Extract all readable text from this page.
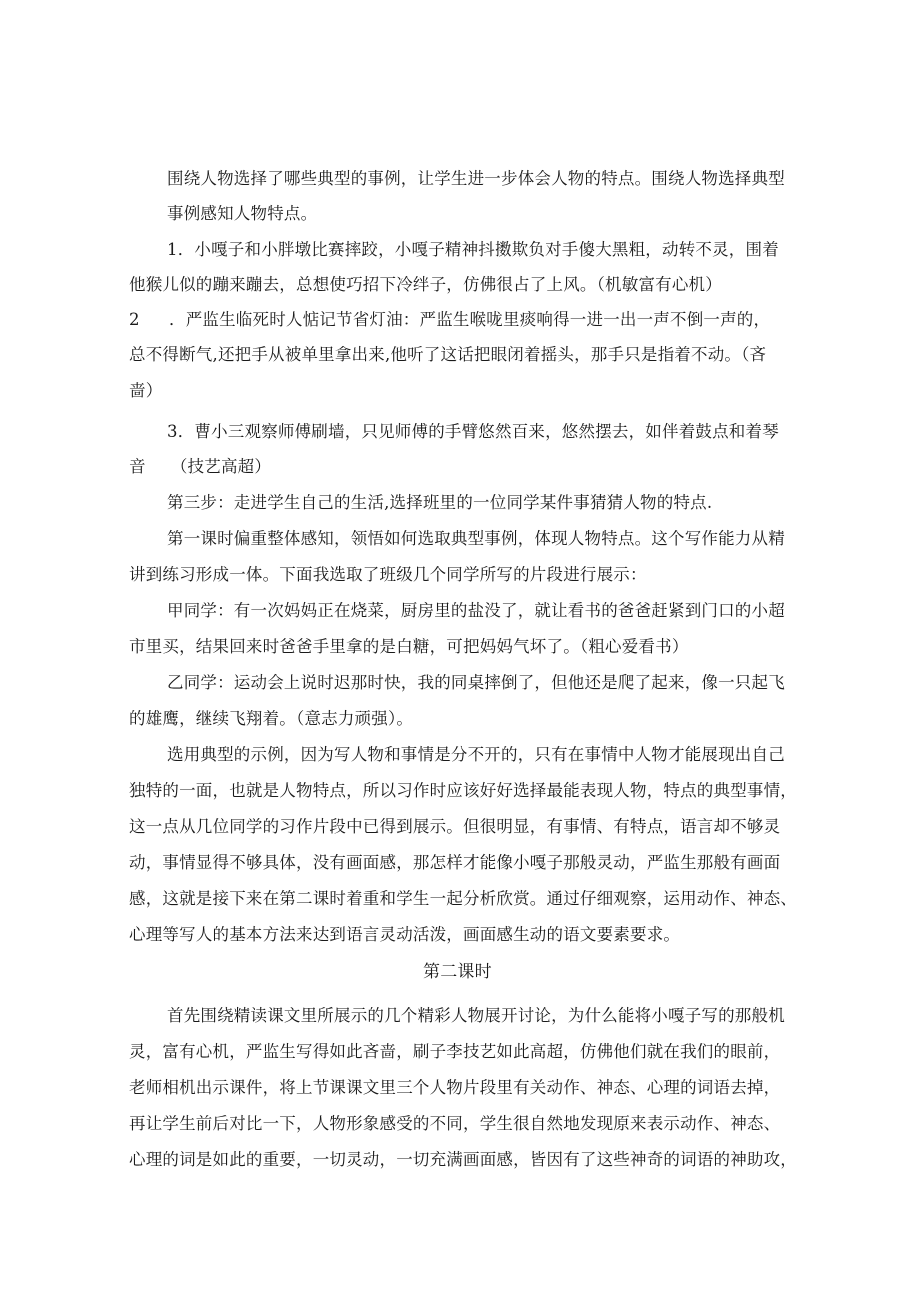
围绕人物选择了哪些典型的事例，让学生进一步体会人物的特点。围绕人物选择典型
事例感知人物特点。
1．小嘎子和小胖墩比赛摔跤，小嘎子精神抖擞欺负对手傻大黑粗，动转不灵，围着
他猴儿似的蹦来蹦去，总想使巧招下冷绊子，仿佛很占了上风。（机敏富有心机）
2 ．严监生临死时人惦记节省灯油：严监生喉咙里痰响得一进一出一声不倒一声的，
总不得断气,还把手从被单里拿出来,他听了这话把眼闭着摇头，那手只是指着不动。（吝
啬）
3．曹小三观察师傅刷墙，只见师傅的手臂悠然百来，悠然摆去，如伴着鼓点和着琴
音　　（技艺高超）
第三步：走进学生自己的生活,选择班里的一位同学某件事猜猜人物的特点.
第一课时偏重整体感知，领悟如何选取典型事例，体现人物特点。这个写作能力从精
讲到练习形成一体。下面我选取了班级几个同学所写的片段进行展示：
甲同学：有一次妈妈正在烧菜，厨房里的盐没了，就让看书的爸爸赶紧到门口的小超
市里买，结果回来时爸爸手里拿的是白糖，可把妈妈气坏了。（粗心爱看书）
乙同学：运动会上说时迟那时快，我的同桌摔倒了，但他还是爬了起来，像一只起飞
的雄鹰，继续飞翔着。（意志力顽强）。
选用典型的示例，因为写人物和事情是分不开的，只有在事情中人物才能展现出自己
独特的一面，也就是人物特点，所以习作时应该好好选择最能表现人物，特点的典型事情，
这一点从几位同学的习作片段中已得到展示。但很明显，有事情、有特点，语言却不够灵
动，事情显得不够具体，没有画面感，那怎样才能像小嘎子那般灵动，严监生那般有画面
感，这就是接下来在第二课时着重和学生一起分析欣赏。通过仔细观察，运用动作、神态、
心理等写人的基本方法来达到语言灵动活泼，画面感生动的语文要素要求。
第二课时
首先围绕精读课文里所展示的几个精彩人物展开讨论，为什么能将小嘎子写的那般机
灵，富有心机，严监生写得如此吝啬，刷子李技艺如此高超，仿佛他们就在我们的眼前，
老师相机出示课件，将上节课课文里三个人物片段里有关动作、神态、心理的词语去掉，
再让学生前后对比一下，人物形象感受的不同，学生很自然地发现原来表示动作、神态、
心理的词是如此的重要，一切灵动，一切充满画面感，皆因有了这些神奇的词语的神助攻，
